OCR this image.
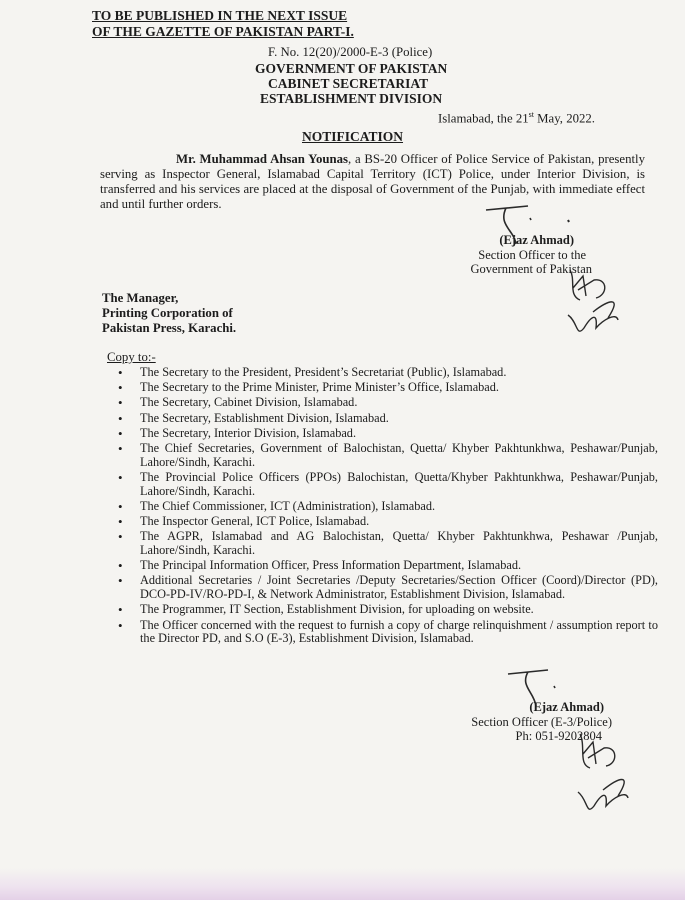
TO BE PUBLISHED IN THE NEXT ISSUE
OF THE GAZETTE OF PAKISTAN PART-I.
F. No. 12(20)/2000-E-3 (Police)
GOVERNMENT OF PAKISTAN
CABINET SECRETARIAT
ESTABLISHMENT DIVISION
Islamabad, the 21st May, 2022.
NOTIFICATION
Mr. Muhammad Ahsan Younas, a BS-20 Officer of Police Service of Pakistan, presently serving as Inspector General, Islamabad Capital Territory (ICT) Police, under Interior Division, is transferred and his services are placed at the disposal of Government of the Punjab, with immediate effect and until further orders.
(Ejaz Ahmad)
Section Officer to the
Government of Pakistan
The Manager,
Printing Corporation of
Pakistan Press, Karachi.
Copy to:-
• The Secretary to the President, President’s Secretariat (Public), Islamabad.
• The Secretary to the Prime Minister, Prime Minister’s Office, Islamabad.
• The Secretary, Cabinet Division, Islamabad.
• The Secretary, Establishment Division, Islamabad.
• The Secretary, Interior Division, Islamabad.
• The Chief Secretaries, Government of Balochistan, Quetta/ Khyber Pakhtunkhwa, Peshawar/Punjab, Lahore/Sindh, Karachi.
• The Provincial Police Officers (PPOs) Balochistan, Quetta/Khyber Pakhtunkhwa, Peshawar/Punjab, Lahore/Sindh, Karachi.
• The Chief Commissioner, ICT (Administration), Islamabad.
• The Inspector General, ICT Police, Islamabad.
• The AGPR, Islamabad and AG Balochistan, Quetta/ Khyber Pakhtunkhwa, Peshawar /Punjab, Lahore/Sindh, Karachi.
• The Principal Information Officer, Press Information Department, Islamabad.
• Additional Secretaries / Joint Secretaries /Deputy Secretaries/Section Officer (Coord)/Director (PD), DCO-PD-IV/RO-PD-I, & Network Administrator, Establishment Division, Islamabad.
• The Programmer, IT Section, Establishment Division, for uploading on website.
• The Officer concerned with the request to furnish a copy of charge relinquishment / assumption report to the Director PD, and S.O (E-3), Establishment Division, Islamabad.
(Ejaz Ahmad)
Section Officer (E-3/Police)
Ph: 051-9202804
